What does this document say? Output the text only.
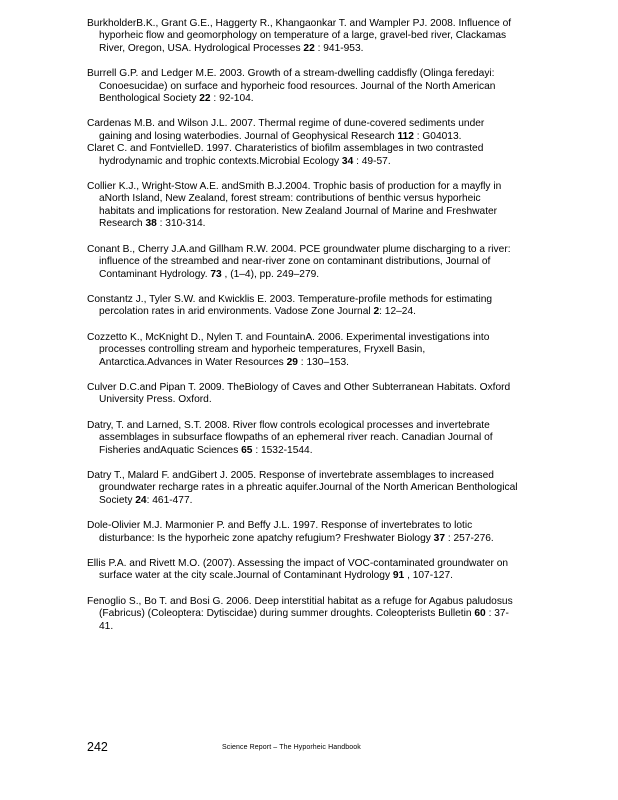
BurkholderB.K., Grant G.E., Haggerty R., Khangaonkar T. and Wampler PJ. 2008. Influence of hyporheic flow and geomorphology on temperature of a large, gravel-bed river, Clackamas River, Oregon, USA. Hydrological Processes 22 : 941-953.

Burrell G.P. and Ledger M.E. 2003. Growth of a stream-dwelling caddisfly (Olinga feredayi: Conoesucidae) on surface and hyporheic food resources. Journal of the North American Benthological Society 22 : 92-104.

Cardenas M.B. and Wilson J.L. 2007. Thermal regime of dune-covered sediments under gaining and losing waterbodies. Journal of Geophysical Research 112 : G04013.

Claret C. and FontvielleD. 1997. Charateristics of biofilm assemblages in two contrasted hydrodynamic and trophic contexts.Microbial Ecology 34 : 49-57.

Collier K.J., Wright-Stow A.E. andSmith B.J.2004. Trophic basis of production for a mayfly in aNorth Island, New Zealand, forest stream: contributions of benthic versus hyporheic habitats and implications for restoration. New Zealand Journal of Marine and Freshwater Research 38 : 310-314.

Conant B., Cherry J.A.and Gillham R.W. 2004. PCE groundwater plume discharging to a river: influence of the streambed and near-river zone on contaminant distributions, Journal of Contaminant Hydrology. 73 , (1–4), pp. 249–279.

Constantz J., Tyler S.W. and Kwicklis E. 2003. Temperature-profile methods for estimating percolation rates in arid environments. Vadose Zone Journal 2: 12–24.

Cozzetto K., McKnight D., Nylen T. and FountainA. 2006. Experimental investigations into processes controlling stream and hyporheic temperatures, Fryxell Basin, Antarctica.Advances in Water Resources 29 : 130–153.

Culver D.C.and Pipan T. 2009. TheBiology of Caves and Other Subterranean Habitats. Oxford University Press. Oxford.

Datry, T. and Larned, S.T. 2008. River flow controls ecological processes and invertebrate assemblages in subsurface flowpaths of an ephemeral river reach. Canadian Journal of Fisheries andAquatic Sciences 65 : 1532-1544.

Datry T., Malard F. andGibert J. 2005. Response of invertebrate assemblages to increased groundwater recharge rates in a phreatic aquifer.Journal of the North American Benthological Society 24: 461-477.

Dole-Olivier M.J. Marmonier P. and Beffy J.L. 1997. Response of invertebrates to lotic disturbance: Is the hyporheic zone apatchy refugium? Freshwater Biology 37 : 257-276.

Ellis P.A. and Rivett M.O. (2007). Assessing the impact of VOC-contaminated groundwater on surface water at the city scale.Journal of Contaminant Hydrology 91 , 107-127.

Fenoglio S., Bo T. and Bosi G. 2006. Deep interstitial habitat as a refuge for Agabus paludosus (Fabricus) (Coleoptera: Dytiscidae) during summer droughts. Coleopterists Bulletin 60 : 37-41.

242	Science Report – The Hyporheic Handbook
